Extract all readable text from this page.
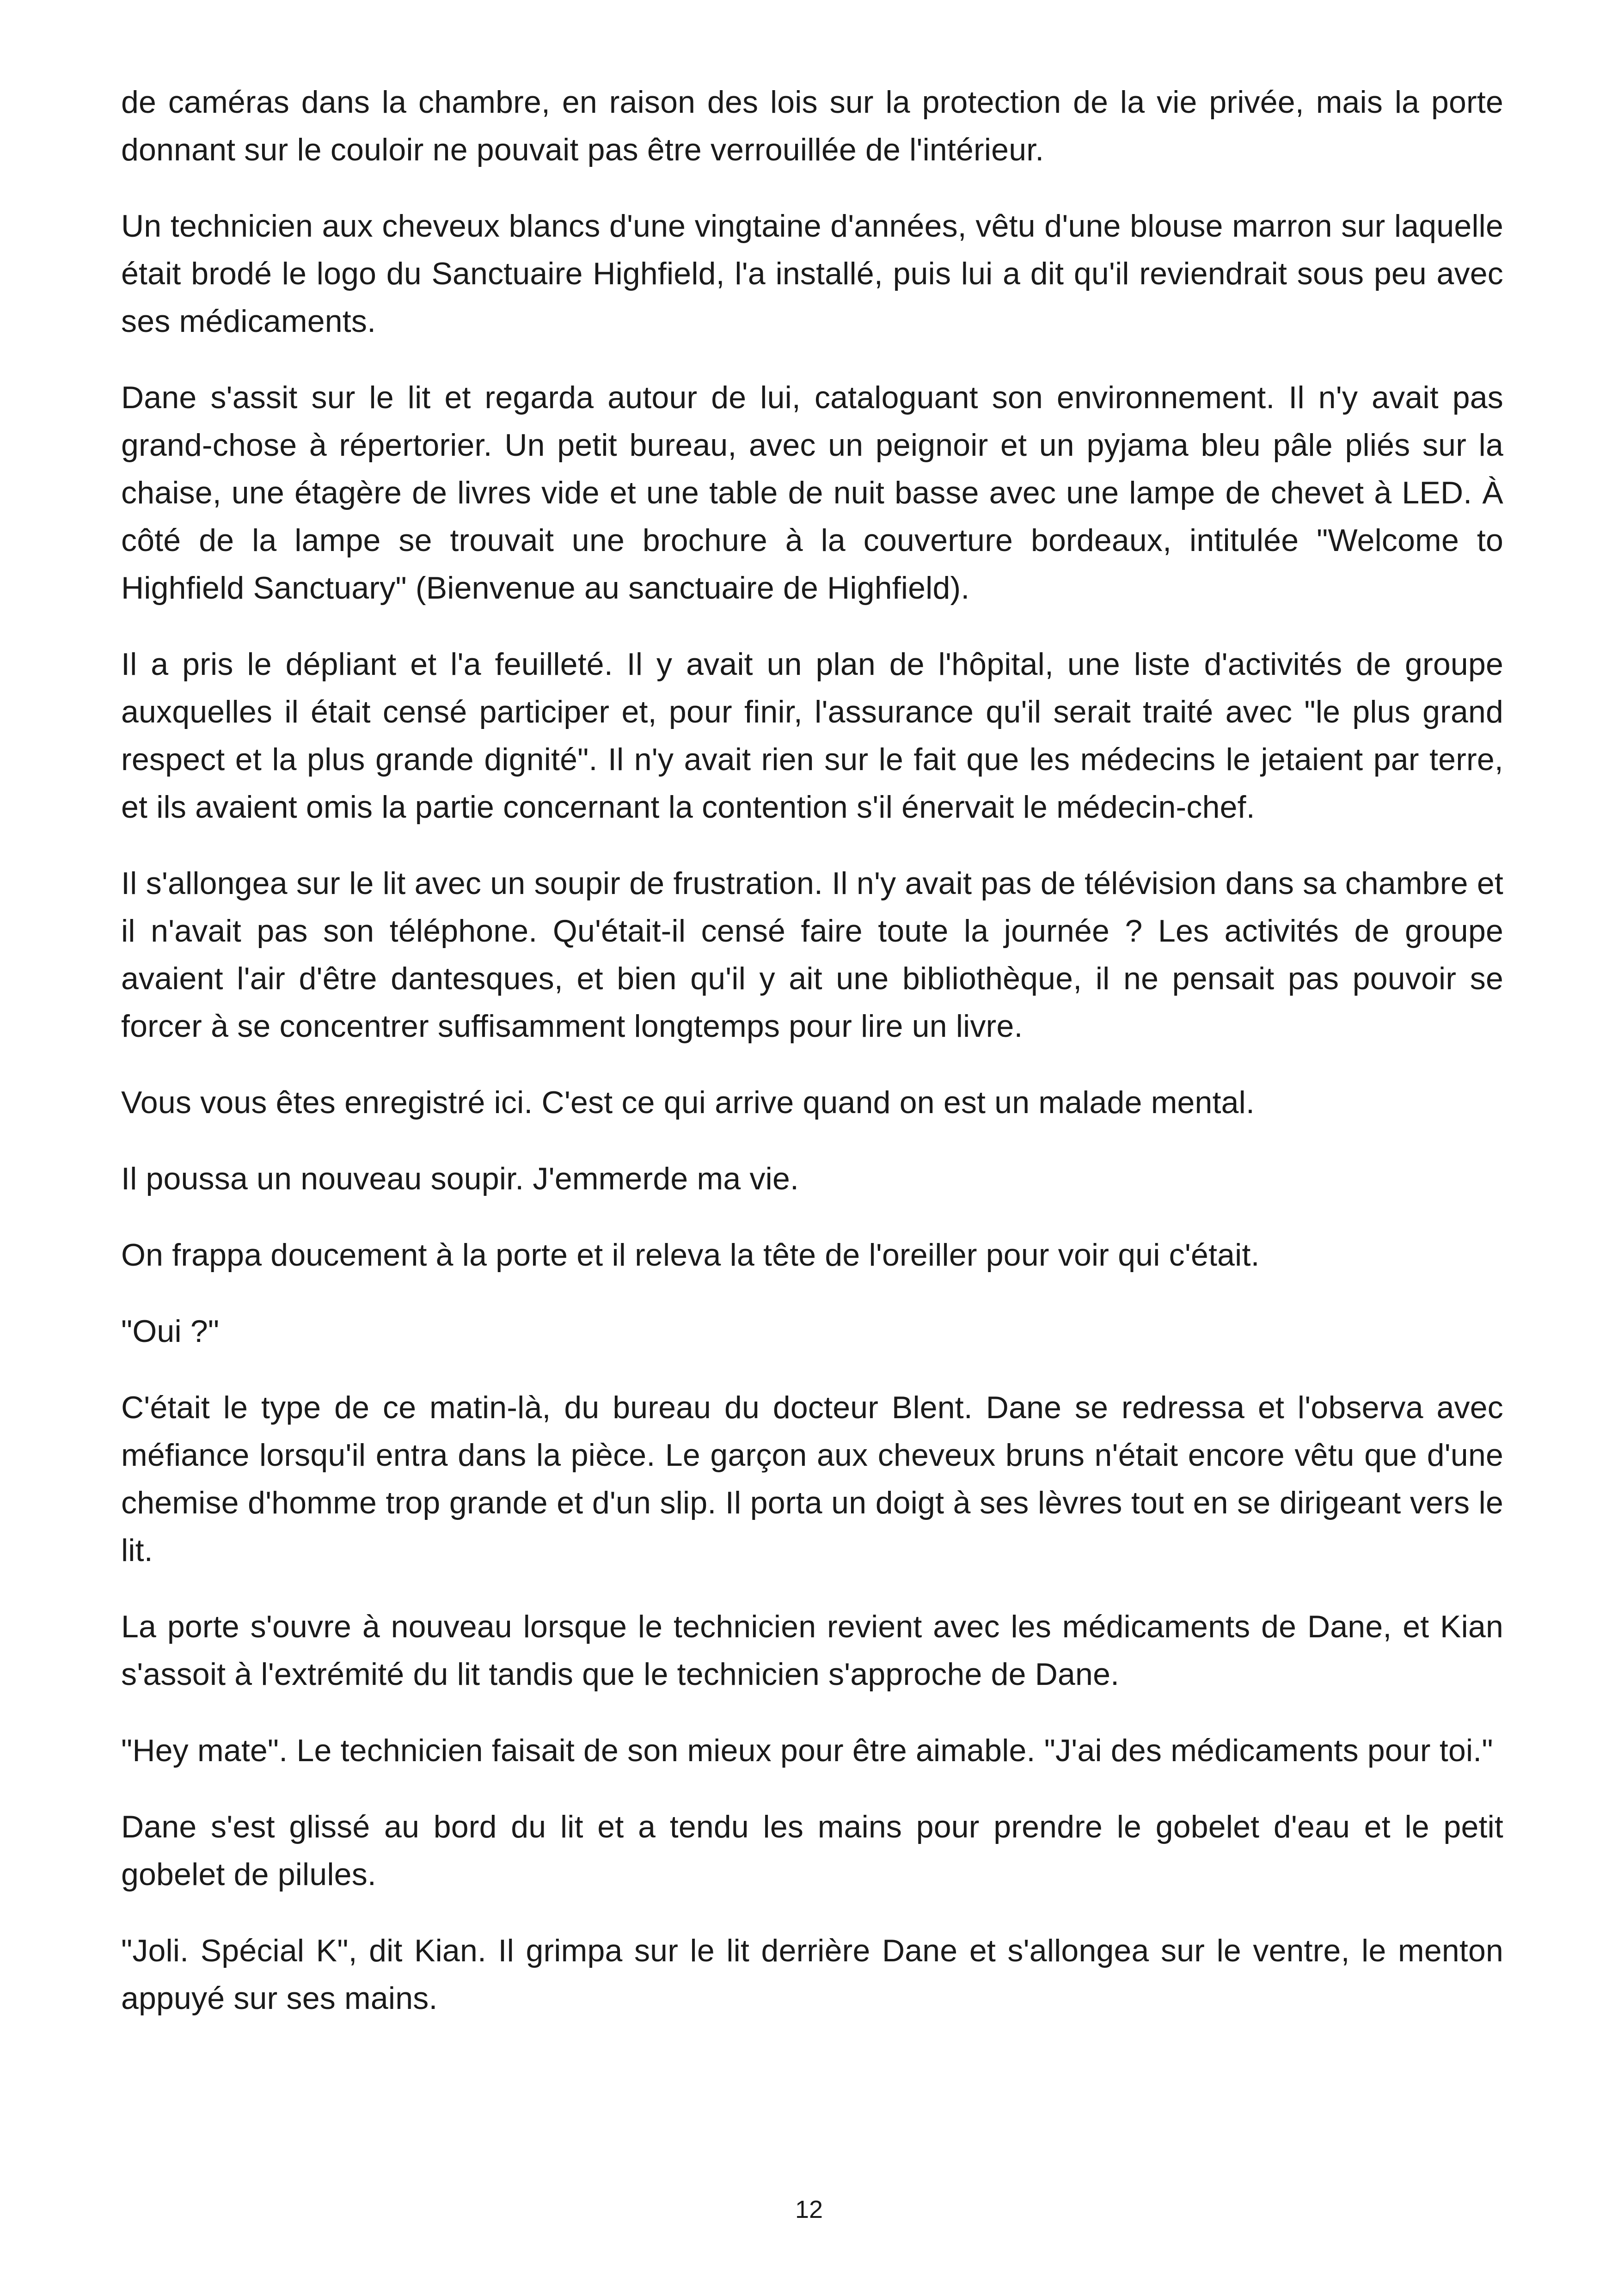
de caméras dans la chambre, en raison des lois sur la protection de la vie privée, mais la porte donnant sur le couloir ne pouvait pas être verrouillée de l'intérieur.

Un technicien aux cheveux blancs d'une vingtaine d'années, vêtu d'une blouse marron sur laquelle était brodé le logo du Sanctuaire Highfield, l'a installé, puis lui a dit qu'il reviendrait sous peu avec ses médicaments.

Dane s'assit sur le lit et regarda autour de lui, cataloguant son environnement. Il n'y avait pas grand-chose à répertorier. Un petit bureau, avec un peignoir et un pyjama bleu pâle pliés sur la chaise, une étagère de livres vide et une table de nuit basse avec une lampe de chevet à LED. À côté de la lampe se trouvait une brochure à la couverture bordeaux, intitulée "Welcome to Highfield Sanctuary" (Bienvenue au sanctuaire de Highfield).

Il a pris le dépliant et l'a feuilleté. Il y avait un plan de l'hôpital, une liste d'activités de groupe auxquelles il était censé participer et, pour finir, l'assurance qu'il serait traité avec "le plus grand respect et la plus grande dignité". Il n'y avait rien sur le fait que les médecins le jetaient par terre, et ils avaient omis la partie concernant la contention s'il énervait le médecin-chef.

Il s'allongea sur le lit avec un soupir de frustration. Il n'y avait pas de télévision dans sa chambre et il n'avait pas son téléphone. Qu'était-il censé faire toute la journée ? Les activités de groupe avaient l'air d'être dantesques, et bien qu'il y ait une bibliothèque, il ne pensait pas pouvoir se forcer à se concentrer suffisamment longtemps pour lire un livre.

Vous vous êtes enregistré ici. C'est ce qui arrive quand on est un malade mental.

Il poussa un nouveau soupir. J'emmerde ma vie.

On frappa doucement à la porte et il releva la tête de l'oreiller pour voir qui c'était.

"Oui ?"

C'était le type de ce matin-là, du bureau du docteur Blent. Dane se redressa et l'observa avec méfiance lorsqu'il entra dans la pièce. Le garçon aux cheveux bruns n'était encore vêtu que d'une chemise d'homme trop grande et d'un slip. Il porta un doigt à ses lèvres tout en se dirigeant vers le lit.

La porte s'ouvre à nouveau lorsque le technicien revient avec les médicaments de Dane, et Kian s'assoit à l'extrémité du lit tandis que le technicien s'approche de Dane.

"Hey mate". Le technicien faisait de son mieux pour être aimable. "J'ai des médicaments pour toi."

Dane s'est glissé au bord du lit et a tendu les mains pour prendre le gobelet d'eau et le petit gobelet de pilules.

"Joli. Spécial K", dit Kian. Il grimpa sur le lit derrière Dane et s'allongea sur le ventre, le menton appuyé sur ses mains.

12
